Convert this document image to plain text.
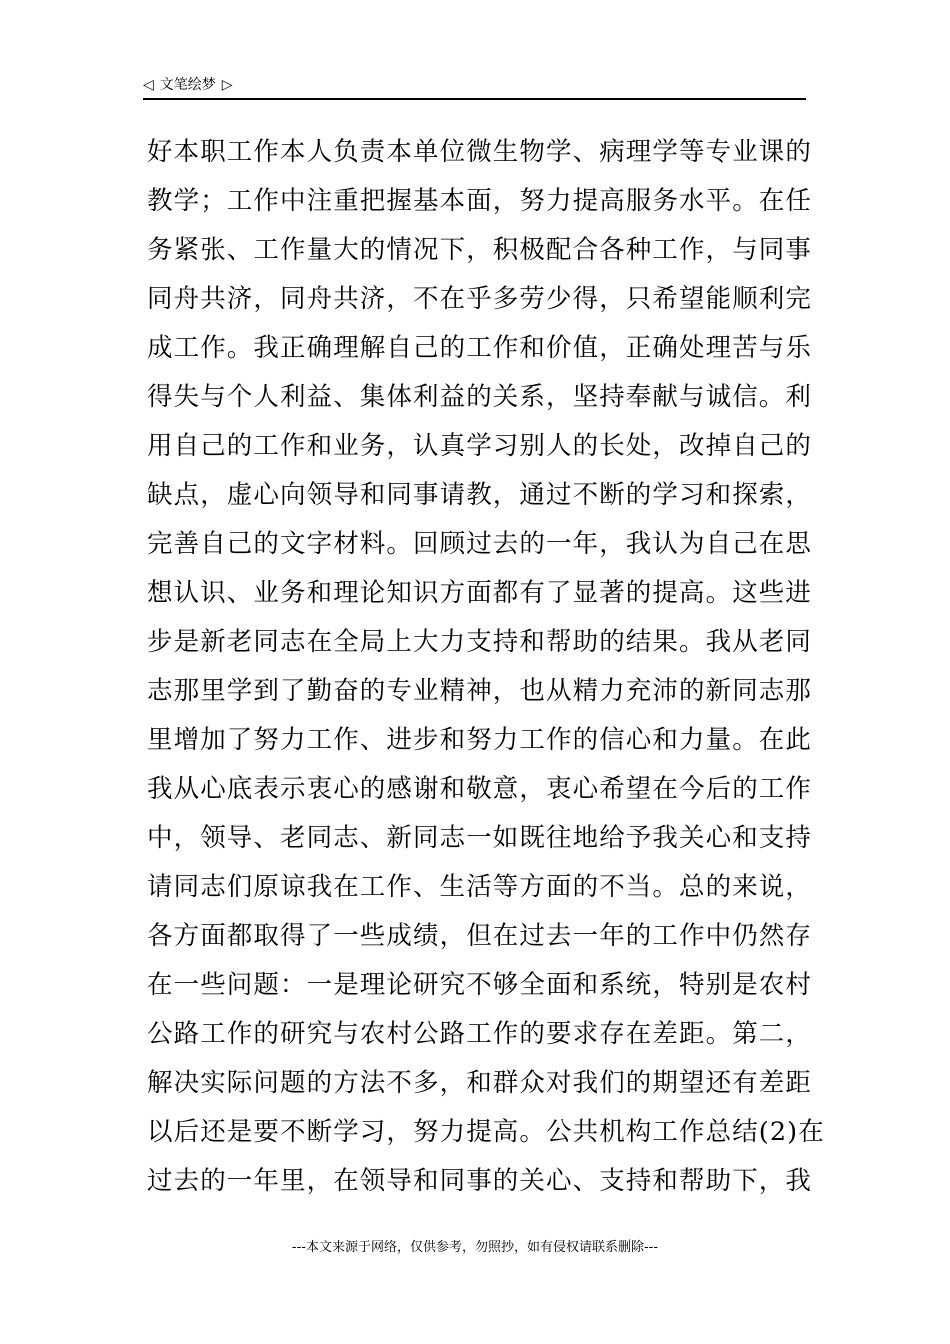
◁ 文笔绘梦 ▷
好本职工作本人负责本单位微生物学、病理学等专业课的
教学；工作中注重把握基本面，努力提高服务水平。在任
务紧张、工作量大的情况下，积极配合各种工作，与同事
同舟共济，同舟共济，不在乎多劳少得，只希望能顺利完
成工作。我正确理解自己的工作和价值，正确处理苦与乐
得失与个人利益、集体利益的关系，坚持奉献与诚信。利
用自己的工作和业务，认真学习别人的长处，改掉自己的
缺点，虚心向领导和同事请教，通过不断的学习和探索，
完善自己的文字材料。回顾过去的一年，我认为自己在思
想认识、业务和理论知识方面都有了显著的提高。这些进
步是新老同志在全局上大力支持和帮助的结果。我从老同
志那里学到了勤奋的专业精神，也从精力充沛的新同志那
里增加了努力工作、进步和努力工作的信心和力量。在此
我从心底表示衷心的感谢和敬意，衷心希望在今后的工作
中，领导、老同志、新同志一如既往地给予我关心和支持
请同志们原谅我在工作、生活等方面的不当。总的来说，
各方面都取得了一些成绩，但在过去一年的工作中仍然存
在一些问题：一是理论研究不够全面和系统，特别是农村
公路工作的研究与农村公路工作的要求存在差距。第二，
解决实际问题的方法不多，和群众对我们的期望还有差距
以后还是要不断学习，努力提高。公共机构工作总结(2)在
过去的一年里，在领导和同事的关心、支持和帮助下，我
---本文来源于网络，仅供参考，勿照抄，如有侵权请联系删除---
